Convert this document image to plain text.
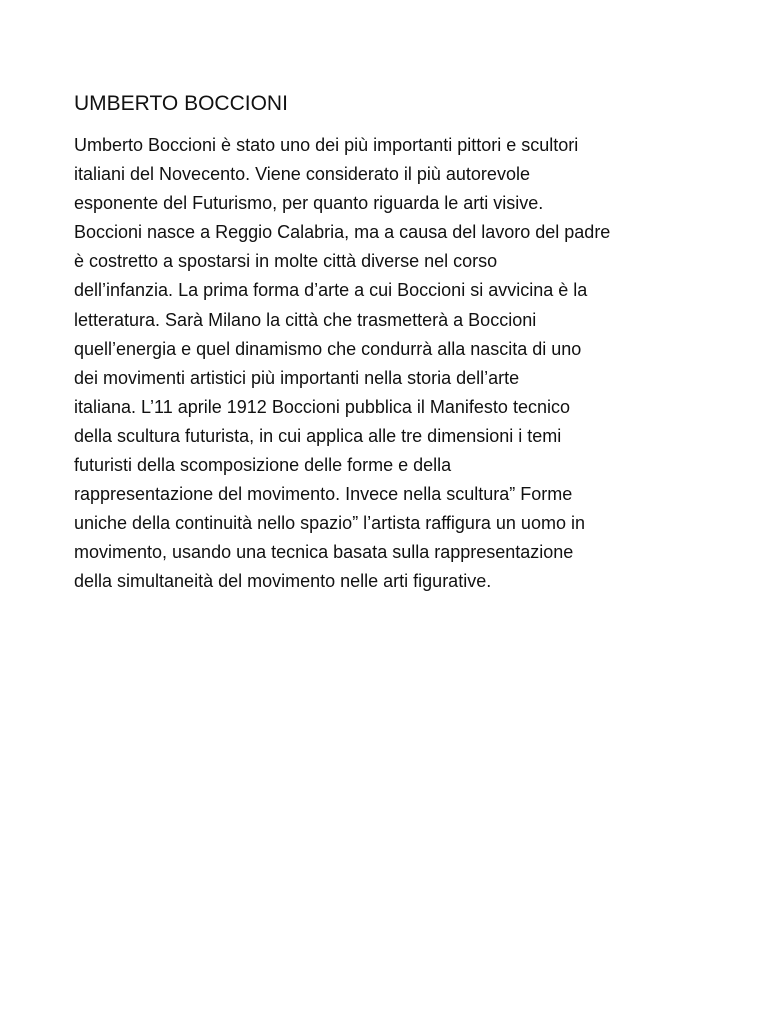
UMBERTO BOCCIONI
Umberto Boccioni è stato uno dei più importanti pittori e scultori
italiani del Novecento. Viene considerato il più autorevole
esponente del Futurismo, per quanto riguarda le arti visive.
Boccioni nasce a Reggio Calabria, ma a causa del lavoro del padre
è costretto a spostarsi in molte città diverse nel corso
dell’infanzia. La prima forma d’arte a cui Boccioni si avvicina è la
letteratura. Sarà Milano la città che trasmetterà a Boccioni
quell’energia e quel dinamismo che condurrà alla nascita di uno
dei movimenti artistici più importanti nella storia dell’arte
italiana. L’11 aprile 1912 Boccioni pubblica il Manifesto tecnico
della scultura futurista, in cui applica alle tre dimensioni i temi
futuristi della scomposizione delle forme e della
rappresentazione del movimento. Invece nella scultura” Forme
uniche della continuità nello spazio” l’artista raffigura un uomo in
movimento, usando una tecnica basata sulla rappresentazione
della simultaneità del movimento nelle arti figurative.
